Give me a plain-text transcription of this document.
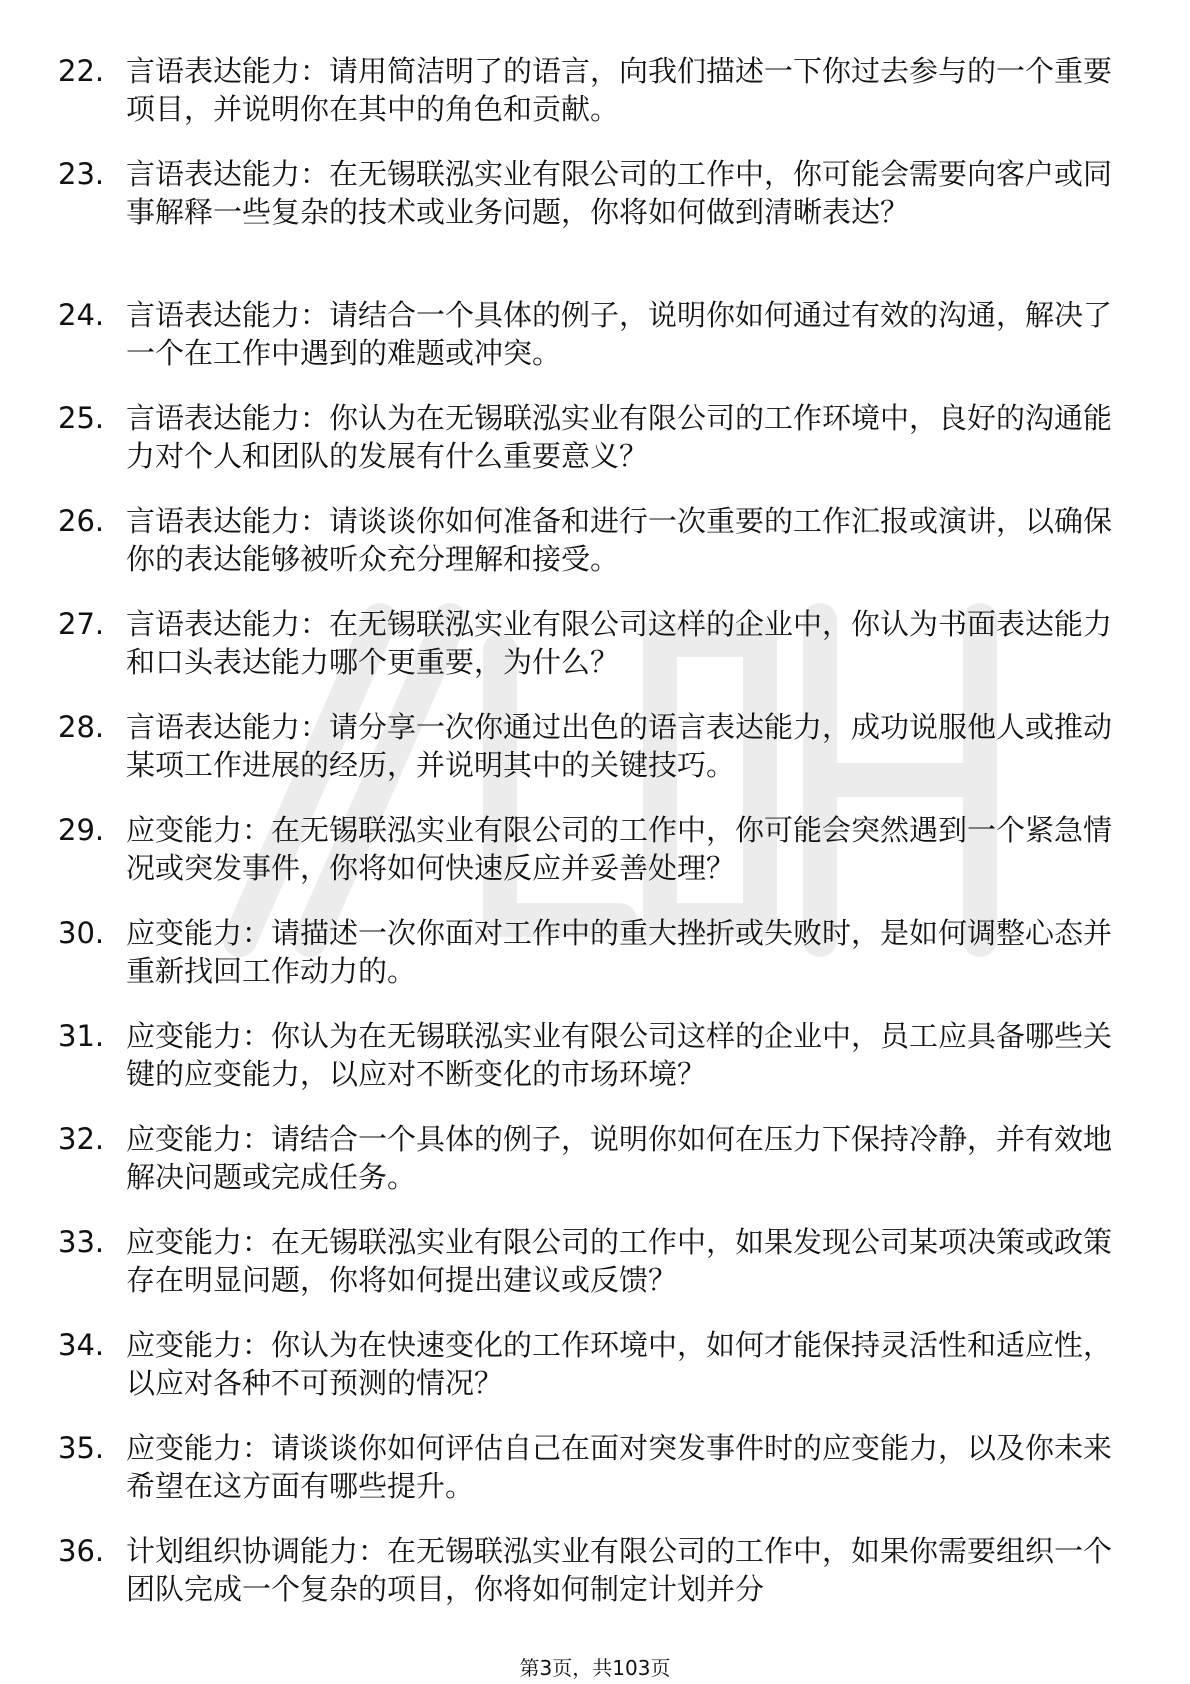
22. 言语表达能力：请用简洁明了的语言，向我们描述一下你过去参与的一个重要项目，并说明你在其中的角色和贡献。
23. 言语表达能力：在无锡联泓实业有限公司的工作中，你可能会需要向客户或同事解释一些复杂的技术或业务问题，你将如何做到清晰表达？
24. 言语表达能力：请结合一个具体的例子，说明你如何通过有效的沟通，解决了一个在工作中遇到的难题或冲突。
25. 言语表达能力：你认为在无锡联泓实业有限公司的工作环境中，良好的沟通能力对个人和团队的发展有什么重要意义？
26. 言语表达能力：请谈谈你如何准备和进行一次重要的工作汇报或演讲，以确保你的表达能够被听众充分理解和接受。
27. 言语表达能力：在无锡联泓实业有限公司这样的企业中，你认为书面表达能力和口头表达能力哪个更重要，为什么？
28. 言语表达能力：请分享一次你通过出色的语言表达能力，成功说服他人或推动某项工作进展的经历，并说明其中的关键技巧。
29. 应变能力：在无锡联泓实业有限公司的工作中，你可能会突然遇到一个紧急情况或突发事件，你将如何快速反应并妥善处理？
30. 应变能力：请描述一次你面对工作中的重大挫折或失败时，是如何调整心态并重新找回工作动力的。
31. 应变能力：你认为在无锡联泓实业有限公司这样的企业中，员工应具备哪些关键的应变能力，以应对不断变化的市场环境？
32. 应变能力：请结合一个具体的例子，说明你如何在压力下保持冷静，并有效地解决问题或完成任务。
33. 应变能力：在无锡联泓实业有限公司的工作中，如果发现公司某项决策或政策存在明显问题，你将如何提出建议或反馈？
34. 应变能力：你认为在快速变化的工作环境中，如何才能保持灵活性和适应性，以应对各种不可预测的情况？
35. 应变能力：请谈谈你如何评估自己在面对突发事件时的应变能力，以及你未来希望在这方面有哪些提升。
36. 计划组织协调能力：在无锡联泓实业有限公司的工作中，如果你需要组织一个团队完成一个复杂的项目，你将如何制定计划并分
第3页，共103页
